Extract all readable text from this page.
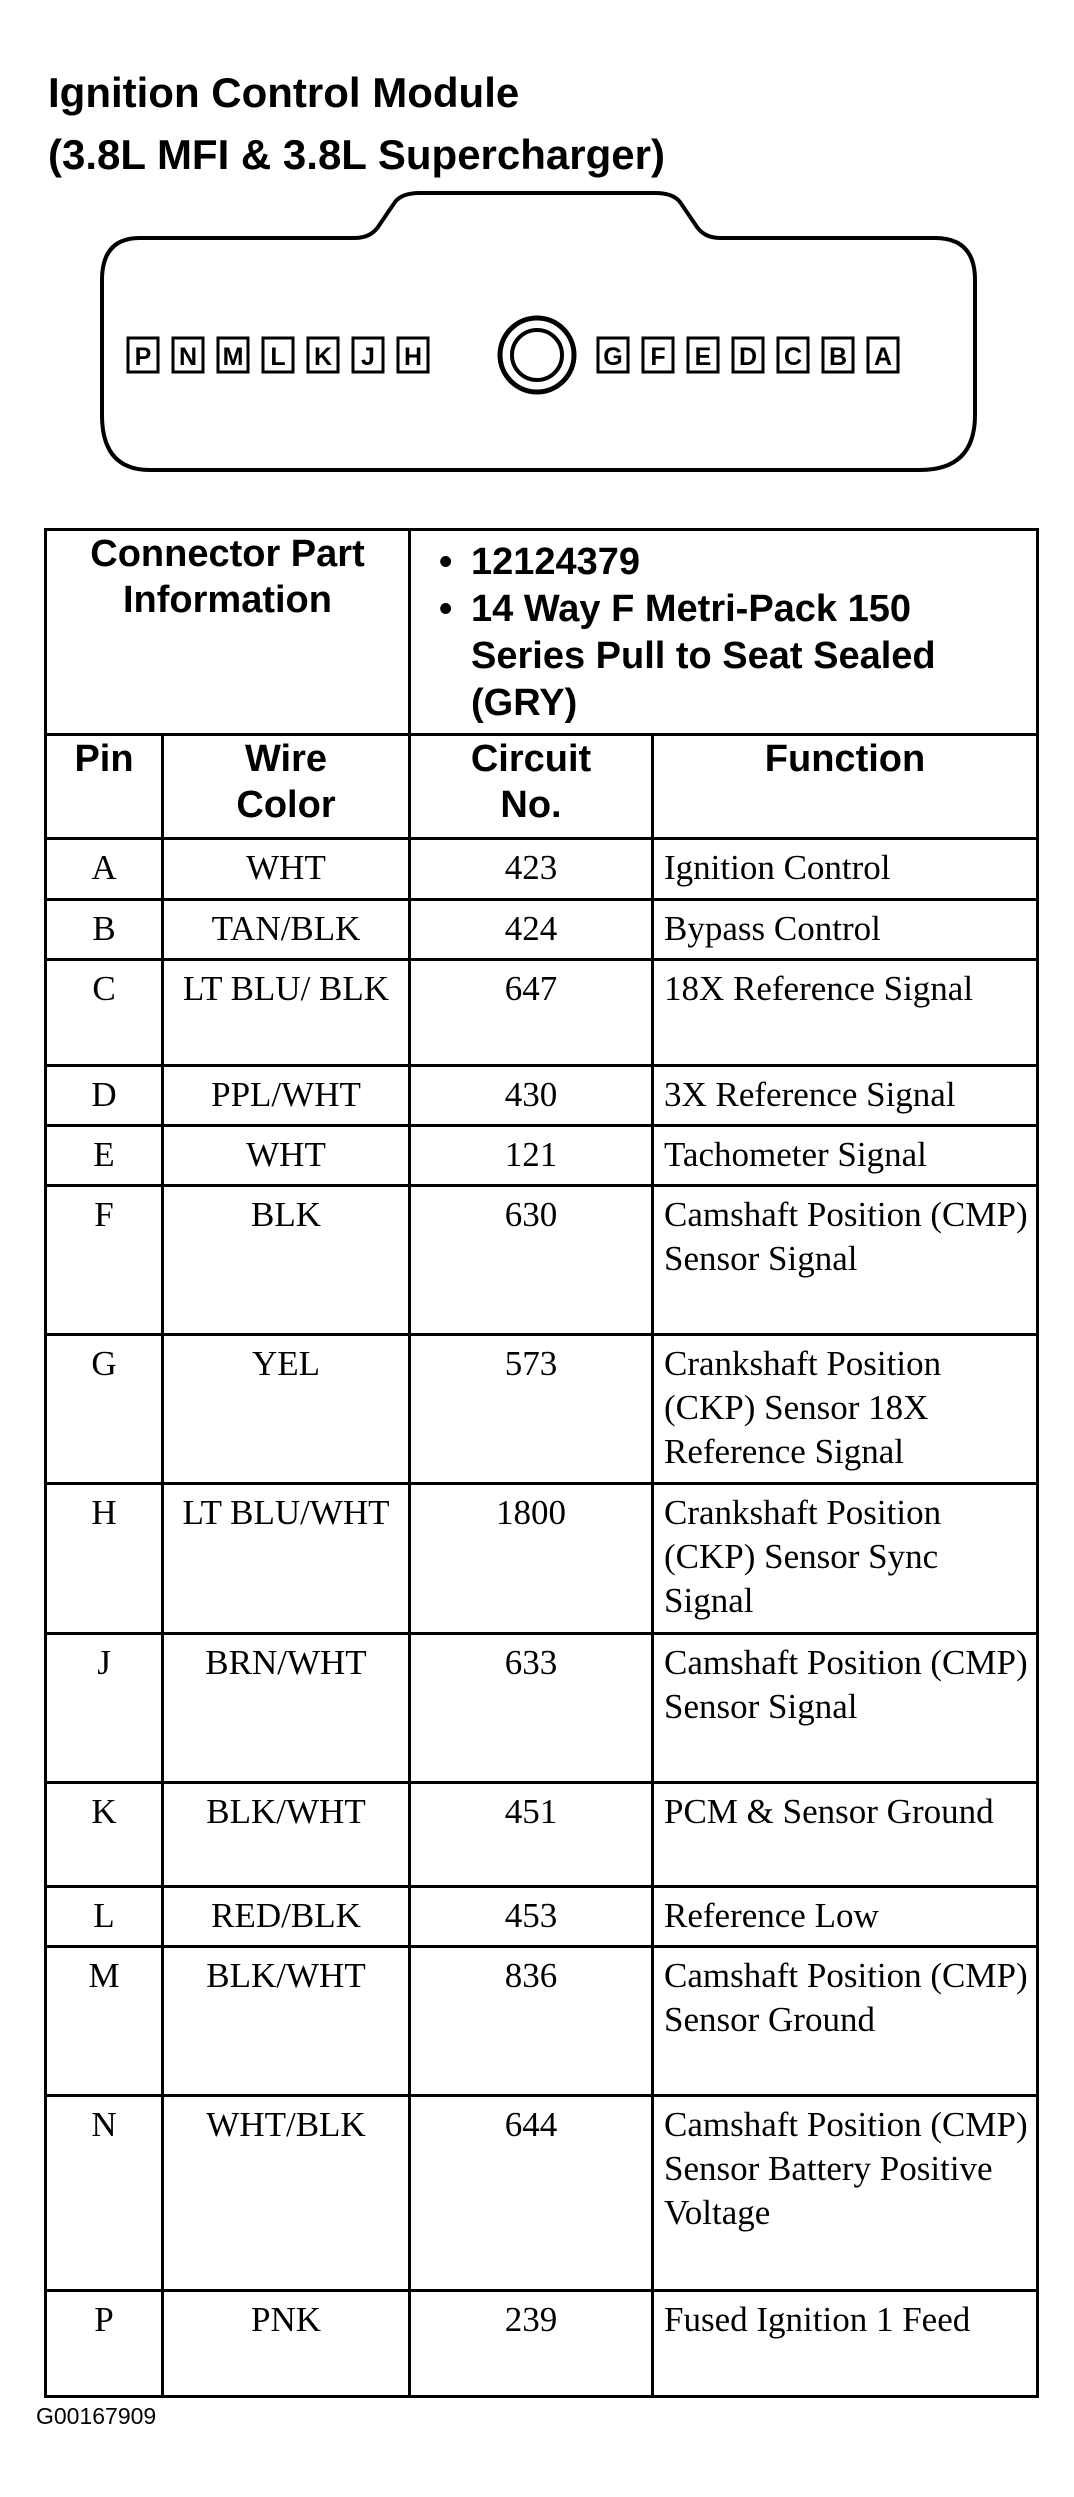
Ignition Control Module
(3.8L MFI & 3.8L Supercharger)
P N M L K J H	G F E D C B A
Connector Part Information		• 12124379
• 14 Way F Metri-Pack 150 Series Pull to Seat Sealed (GRY)

Pin	Wire Color	Circuit No.	Function
A	WHT	423	Ignition Control
B	TAN/BLK	424	Bypass Control
C	LT BLU/ BLK	647	18X Reference Signal
D	PPL/WHT	430	3X Reference Signal
E	WHT	121	Tachometer Signal
F	BLK	630	Camshaft Position (CMP) Sensor Signal
G	YEL	573	Crankshaft Position (CKP) Sensor 18X Reference Signal
H	LT BLU/WHT	1800	Crankshaft Position (CKP) Sensor Sync Signal
J	BRN/WHT	633	Camshaft Position (CMP) Sensor Signal
K	BLK/WHT	451	PCM & Sensor Ground
L	RED/BLK	453	Reference Low
M	BLK/WHT	836	Camshaft Position (CMP) Sensor Ground
N	WHT/BLK	644	Camshaft Position (CMP) Sensor Battery Positive Voltage
P	PNK	239	Fused Ignition 1 Feed
G00167909
